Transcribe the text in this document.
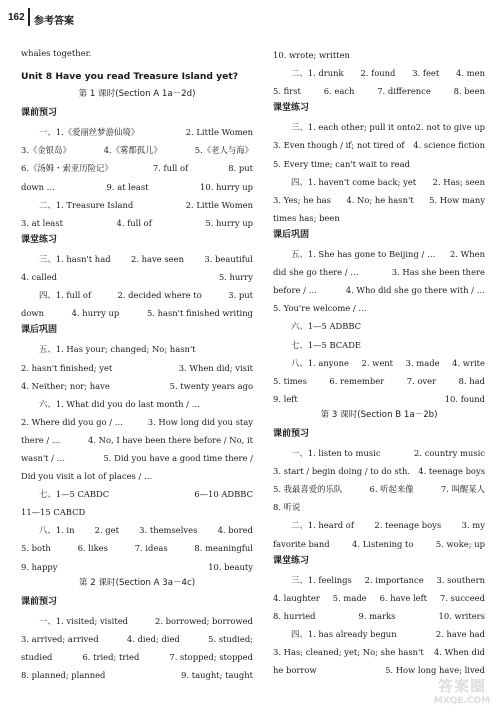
162 参考答案
whales together.
Unit 8 Have you read Treasure Island yet?
第 1 课时(Section A 1a－2d)
课前预习
一、1.《爱丽丝梦游仙境》	2. Little Women
3.《金银岛》	4.《雾都孤儿》	5.《老人与海》
6.《汤姆・索亚历险记》	7. full of	8. put
down …	9. at least	10. hurry up
二、1. Treasure Island	2. Little Women
3. at least	4. full of	5. hurry up
课堂练习
三、1. hasn't had 2. have seen 3. beautiful
4. called	5. hurry
四、1. full of	2. decided where to	3. put
down	4. hurry up	5. hasn't finished writing
课后巩固
五、1. Has your; changed; No; hasn't
2. hasn't finished; yet	3. When did; visit
4. Neither; nor; have	5. twenty years ago
六、1. What did you do last month / …
2. Where did you go / …	3. How long did you stay
there / …	4. No, I have been there before / No, it
wasn't / …	5. Did you have a good time there /
Did you visit a lot of places / …
七、1—5 CABDC	6—10 ADBBC
11—15 CABCD
八、1. in 2. get 3. themselves 4. bored
5. both	6. likes	7. ideas	8. meaningful
9. happy	10. beauty
第 2 课时(Section A 3a－4c)
课前预习
一、1. visited; visited	2. borrowed; borrowed
3. arrived; arrived	4. died; died	5. studied;
studied	6. tried; tried	7. stopped; stopped
8. planned; planned	9. taught; taught
10. wrote; written
二、1. drunk 2. found 3. feet 4. men
5. first	6. each	7. difference	8. been
课堂练习
三、1. each other; pull it onto 2. not to give up
3. Even though / if; not tired of 4. science fiction
5. Every time; can't wait to read
四、1. haven't come back; yet 2. Has; seen
3. Yes; he has 4. No; he hasn't 5. How many
times has; been
课后巩固
五、1. She has gone to Beijing / … 2. When
did she go there / …	3. Has she been there
before / …	4. Who did she go there with / …
5. You're welcome / …
六、1—5 ADBBC
七、1—5 BCADE
八、1. anyone 2. went 3. made 4. write
5. times	6. remember	7. over	8. had
9. left	10. found
第 3 课时(Section B 1a－2b)
课前预习
一、1. listen to music	2. country music
3. start / begin doing / to do sth. 4. teenage boys
5. 我最喜爱的乐队	6. 听起来像	7. 叫醒某人
8. 听说
二、1. heard of 2. teenage boys 3. my
favorite band	4. Listening to	5. woke; up
课堂练习
三、1. feelings 2. importance 3. southern
4. laughter 5. made 6. have left 7. succeed
8. hurried	9. marks	10. writers
四、1. has already begun	2. have had
3. Has; cleaned; yet; No; she hasn't 4. When did
he borrow	5. How long have; lived
答案圈
MXQE.COM
